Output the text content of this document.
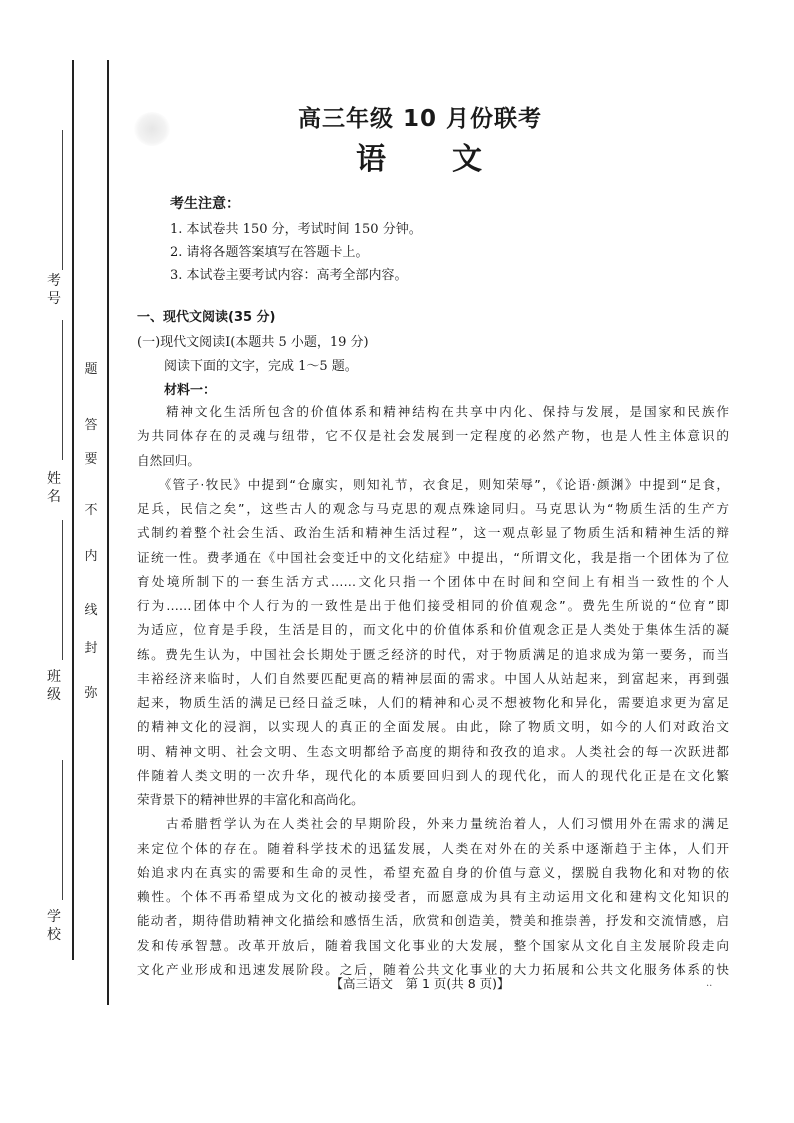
考号
姓名
班级
学校
题
答
要
不
内
线
封
弥
高三年级 10 月份联考
语　　文
考生注意：
1. 本试卷共 150 分，考试时间 150 分钟。
2. 请将各题答案填写在答题卡上。
3. 本试卷主要考试内容：高考全部内容。
一、现代文阅读(35 分)
(一)现代文阅读Ⅰ(本题共 5 小题，19 分)
阅读下面的文字，完成 1～5 题。
材料一：
　　精神文化生活所包含的价值体系和精神结构在共享中内化、保持与发展，是国家和民族作
为共同体存在的灵魂与纽带，它不仅是社会发展到一定程度的必然产物，也是人性主体意识的
自然回归。
　　《管子·牧民》中提到“仓廪实，则知礼节，衣食足，则知荣辱”，《论语·颜渊》中提到“足食，
足兵，民信之矣”，这些古人的观念与马克思的观点殊途同归。马克思认为“物质生活的生产方
式制约着整个社会生活、政治生活和精神生活过程”，这一观点彰显了物质生活和精神生活的辩
证统一性。费孝通在《中国社会变迁中的文化结症》中提出，“所谓文化，我是指一个团体为了位
育处境所制下的一套生活方式……文化只指一个团体中在时间和空间上有相当一致性的个人
行为……团体中个人行为的一致性是出于他们接受相同的价值观念”。费先生所说的“位育”即
为适应，位育是手段，生活是目的，而文化中的价值体系和价值观念正是人类处于集体生活的凝
练。费先生认为，中国社会长期处于匮乏经济的时代，对于物质满足的追求成为第一要务，而当
丰裕经济来临时，人们自然要匹配更高的精神层面的需求。中国人从站起来，到富起来，再到强
起来，物质生活的满足已经日益乏味，人们的精神和心灵不想被物化和异化，需要追求更为富足
的精神文化的浸润，以实现人的真正的全面发展。由此，除了物质文明，如今的人们对政治文
明、精神文明、社会文明、生态文明都给予高度的期待和孜孜的追求。人类社会的每一次跃进都
伴随着人类文明的一次升华，现代化的本质要回归到人的现代化，而人的现代化正是在文化繁
荣背景下的精神世界的丰富化和高尚化。
　　古希腊哲学认为在人类社会的早期阶段，外来力量统治着人，人们习惯用外在需求的满足
来定位个体的存在。随着科学技术的迅猛发展，人类在对外在的关系中逐渐趋于主体，人们开
始追求内在真实的需要和生命的灵性，希望充盈自身的价值与意义，摆脱自我物化和对物的依
赖性。个体不再希望成为文化的被动接受者，而愿意成为具有主动运用文化和建构文化知识的
能动者，期待借助精神文化描绘和感悟生活，欣赏和创造美，赞美和推崇善，抒发和交流情感，启
发和传承智慧。改革开放后，随着我国文化事业的大发展，整个国家从文化自主发展阶段走向
文化产业形成和迅速发展阶段。之后，随着公共文化事业的大力拓展和公共文化服务体系的快
【高三语文　第 1 页(共 8 页)】	..
